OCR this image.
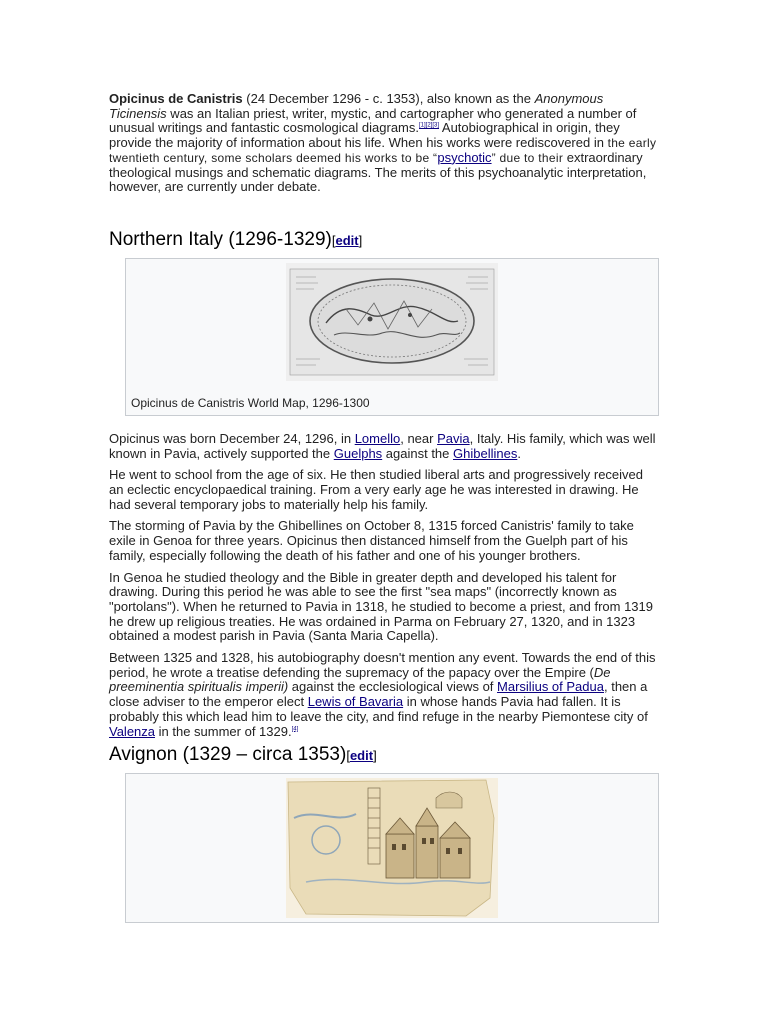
Opicinus de Canistris (24 December 1296 - c. 1353), also known as the Anonymous Ticinensis was an Italian priest, writer, mystic, and cartographer who generated a number of unusual writings and fantastic cosmological diagrams.[1][2][3] Autobiographical in origin, they provide the majority of information about his life. When his works were rediscovered in the early twentieth century, some scholars deemed his works to be “psychotic” due to their extraordinary theological musings and schematic diagrams. The merits of this psychoanalytic interpretation, however, are currently under debate.

Northern Italy (1296-1329)[edit]
Opicinus de Canistris World Map, 1296-1300

Opicinus was born December 24, 1296, in Lomello, near Pavia, Italy. His family, which was well known in Pavia, actively supported the Guelphs against the Ghibellines.

He went to school from the age of six. He then studied liberal arts and progressively received an eclectic encyclopaedical training. From a very early age he was interested in drawing. He had several temporary jobs to materially help his family.

The storming of Pavia by the Ghibellines on October 8, 1315 forced Canistris' family to take exile in Genoa for three years. Opicinus then distanced himself from the Guelph part of his family, especially following the death of his father and one of his younger brothers.

In Genoa he studied theology and the Bible in greater depth and developed his talent for drawing. During this period he was able to see the first "sea maps" (incorrectly known as "portolans"). When he returned to Pavia in 1318, he studied to become a priest, and from 1319 he drew up religious treaties. He was ordained in Parma on February 27, 1320, and in 1323 obtained a modest parish in Pavia (Santa Maria Capella).

Between 1325 and 1328, his autobiography doesn't mention any event. Towards the end of this period, he wrote a treatise defending the supremacy of the papacy over the Empire (De preeminentia spiritualis imperii) against the ecclesiological views of Marsilius of Padua, then a close adviser to the emperor elect Lewis of Bavaria in whose hands Pavia had fallen. It is probably this which lead him to leave the city, and find refuge in the nearby Piemontese city of Valenza in the summer of 1329.[4]

Avignon (1329 – circa 1353)[edit]
